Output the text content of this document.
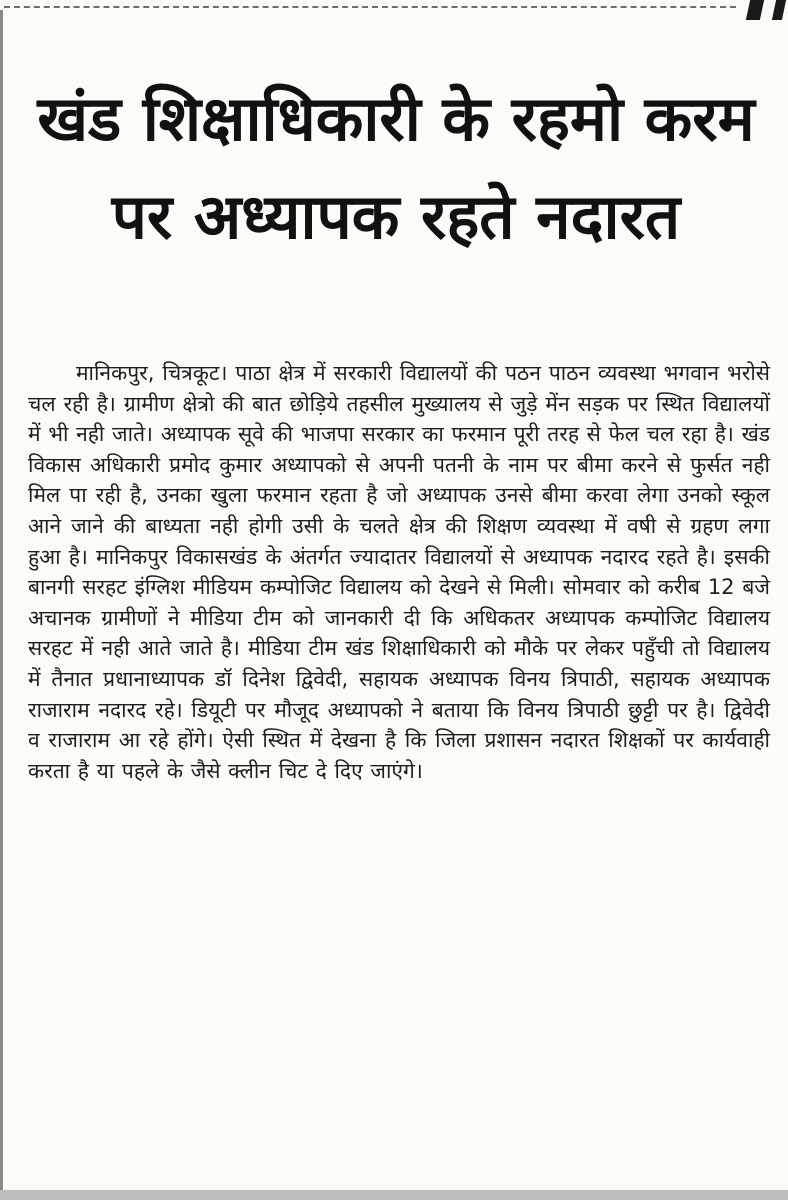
खंड शिक्षाधिकारी के रहमो करम पर अध्यापक रहते नदारत

मानिकपुर, चित्रकूट। पाठा क्षेत्र में सरकारी विद्यालयों की पठन पाठन व्यवस्था भगवान भरोसे चल रही है। ग्रामीण क्षेत्रो की बात छोड़िये तहसील मुख्यालय से जुड़े मेंन सड़क पर स्थित विद्यालयों में भी नही जाते। अध्यापक सूवे की भाजपा सरकार का फरमान पूरी तरह से फेल चल रहा है। खंड विकास अधिकारी प्रमोद कुमार अध्यापको से अपनी पतनी के नाम पर बीमा करने से फुर्सत नही मिल पा रही है, उनका खुला फरमान रहता है जो अध्यापक उनसे बीमा करवा लेगा उनको स्कूल आने जाने की बाध्यता नही होगी उसी के चलते क्षेत्र की शिक्षण व्यवस्था में वषी से ग्रहण लगा हुआ है। मानिकपुर विकासखंड के अंतर्गत ज्यादातर विद्यालयों से अध्यापक नदारद रहते है। इसकी बानगी सरहट इंग्लिश मीडियम कम्पोजिट विद्यालय को देखने से मिली। सोमवार को करीब 12 बजे अचानक ग्रामीणों ने मीडिया टीम को जानकारी दी कि अधिकतर अध्यापक कम्पोजिट विद्यालय सरहट में नही आते जाते है। मीडिया टीम खंड शिक्षाधिकारी को मौके पर लेकर पहुँची तो विद्यालय में तैनात प्रधानाध्यापक डॉ दिनेश द्विवेदी, सहायक अध्यापक विनय त्रिपाठी, सहायक अध्यापक राजाराम नदारद रहे। डियूटी पर मौजूद अध्यापको ने बताया कि विनय त्रिपाठी छुट्टी पर है। द्विवेदी व राजाराम आ रहे होंगे। ऐसी स्थित में देखना है कि जिला प्रशासन नदारत शिक्षकों पर कार्यवाही करता है या पहले के जैसे क्लीन चिट दे दिए जाएंगे।
